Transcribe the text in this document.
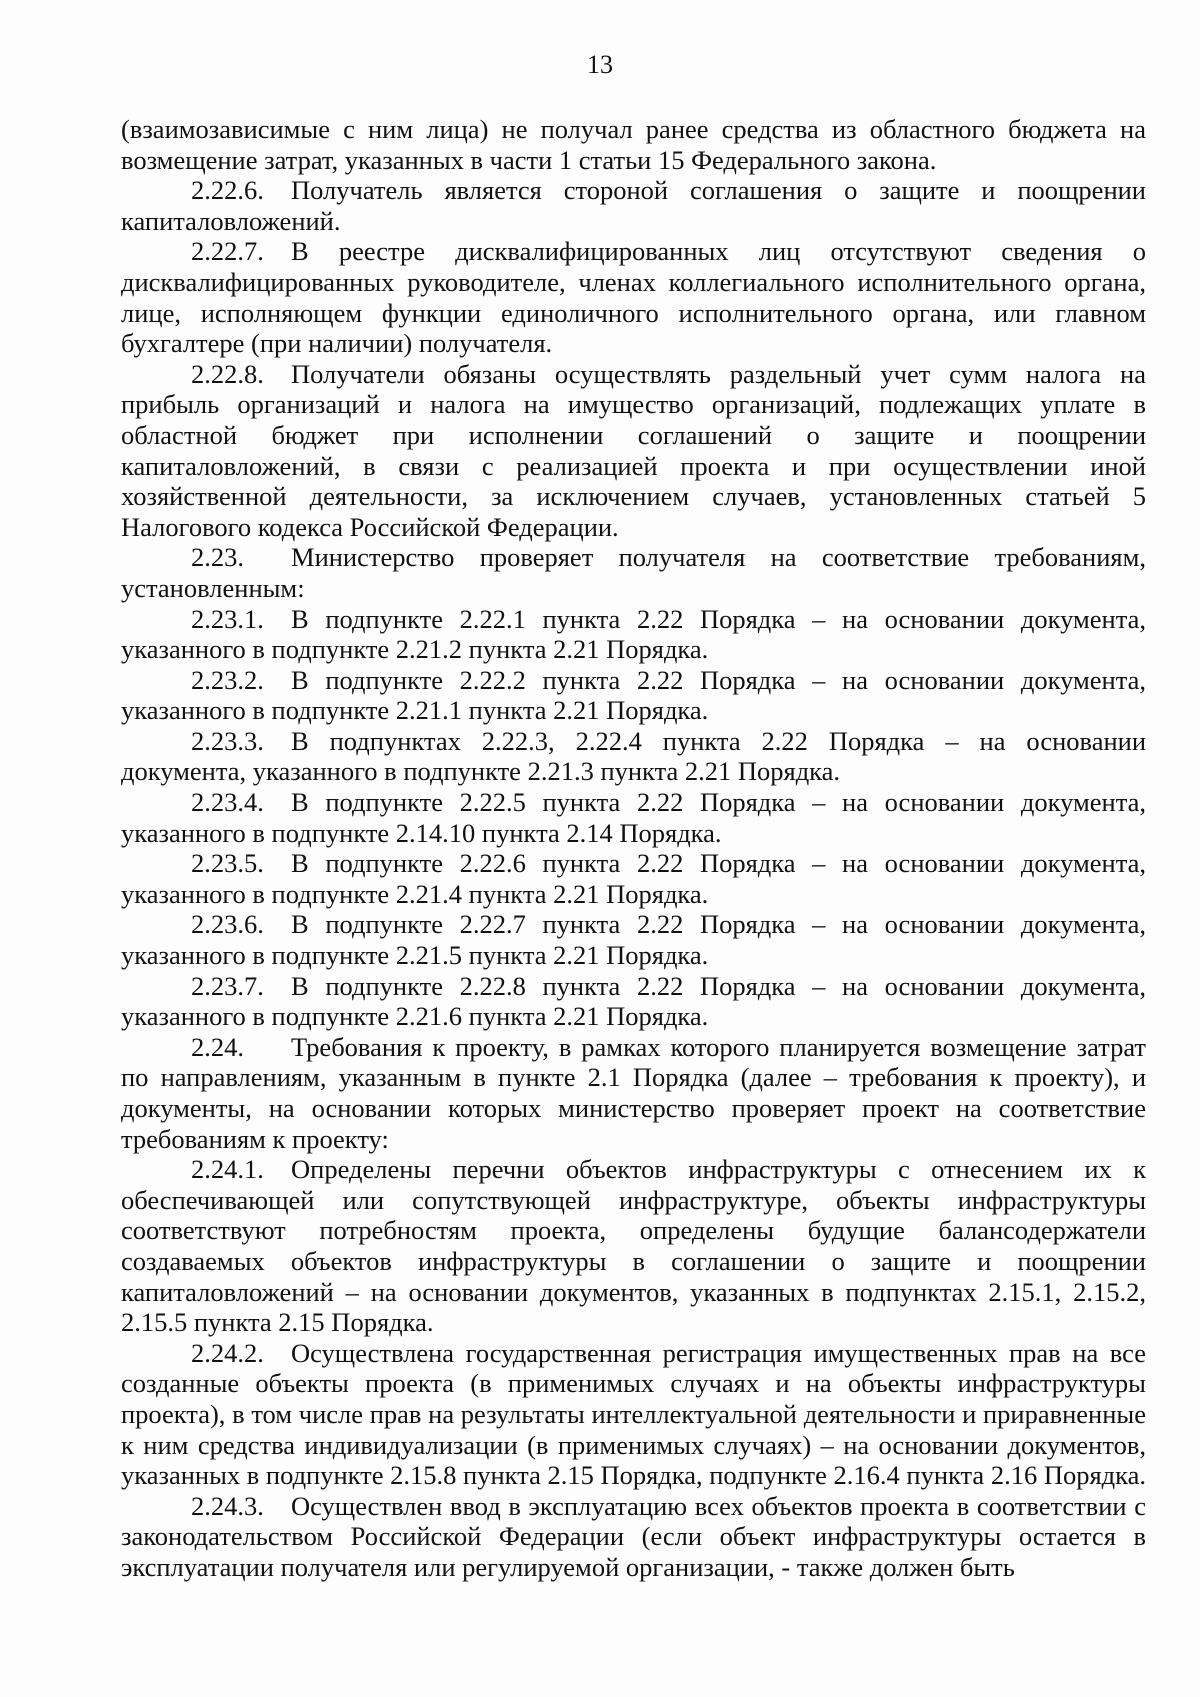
13

(взаимозависимые с ним лица) не получал ранее средства из областного бюджета на возмещение затрат, указанных в части 1 статьи 15 Федерального закона.

2.22.6. Получатель является стороной соглашения о защите и поощрении капиталовложений.

2.22.7. В реестре дисквалифицированных лиц отсутствуют сведения о дисквалифицированных руководителе, членах коллегиального исполнительного органа, лице, исполняющем функции единоличного исполнительного органа, или главном бухгалтере (при наличии) получателя.

2.22.8. Получатели обязаны осуществлять раздельный учет сумм налога на прибыль организаций и налога на имущество организаций, подлежащих уплате в областной бюджет при исполнении соглашений о защите и поощрении капиталовложений, в связи с реализацией проекта и при осуществлении иной хозяйственной деятельности, за исключением случаев, установленных статьей 5 Налогового кодекса Российской Федерации.

2.23. Министерство проверяет получателя на соответствие требованиям, установленным:

2.23.1. В подпункте 2.22.1 пункта 2.22 Порядка – на основании документа, указанного в подпункте 2.21.2 пункта 2.21 Порядка.

2.23.2. В подпункте 2.22.2 пункта 2.22 Порядка – на основании документа, указанного в подпункте 2.21.1 пункта 2.21 Порядка.

2.23.3. В подпунктах 2.22.3, 2.22.4 пункта 2.22 Порядка – на основании документа, указанного в подпункте 2.21.3 пункта 2.21 Порядка.

2.23.4. В подпункте 2.22.5 пункта 2.22 Порядка – на основании документа, указанного в подпункте 2.14.10 пункта 2.14 Порядка.

2.23.5. В подпункте 2.22.6 пункта 2.22 Порядка – на основании документа, указанного в подпункте 2.21.4 пункта 2.21 Порядка.

2.23.6. В подпункте 2.22.7 пункта 2.22 Порядка – на основании документа, указанного в подпункте 2.21.5 пункта 2.21 Порядка.

2.23.7. В подпункте 2.22.8 пункта 2.22 Порядка – на основании документа, указанного в подпункте 2.21.6 пункта 2.21 Порядка.

2.24. Требования к проекту, в рамках которого планируется возмещение затрат по направлениям, указанным в пункте 2.1 Порядка (далее – требования к проекту), и документы, на основании которых министерство проверяет проект на соответствие требованиям к проекту:

2.24.1. Определены перечни объектов инфраструктуры с отнесением их к обеспечивающей или сопутствующей инфраструктуре, объекты инфраструктуры соответствуют потребностям проекта, определены будущие балансодержатели создаваемых объектов инфраструктуры в соглашении о защите и поощрении капиталовложений – на основании документов, указанных в подпунктах 2.15.1, 2.15.2, 2.15.5 пункта 2.15 Порядка.

2.24.2. Осуществлена государственная регистрация имущественных прав на все созданные объекты проекта (в применимых случаях и на объекты инфраструктуры проекта), в том числе прав на результаты интеллектуальной деятельности и приравненные к ним средства индивидуализации (в применимых случаях) – на основании документов, указанных в подпункте 2.15.8 пункта 2.15 Порядка, подпункте 2.16.4 пункта 2.16 Порядка.

2.24.3. Осуществлен ввод в эксплуатацию всех объектов проекта в соответствии с законодательством Российской Федерации (если объект инфраструктуры остается в эксплуатации получателя или регулируемой организации, - также должен быть
